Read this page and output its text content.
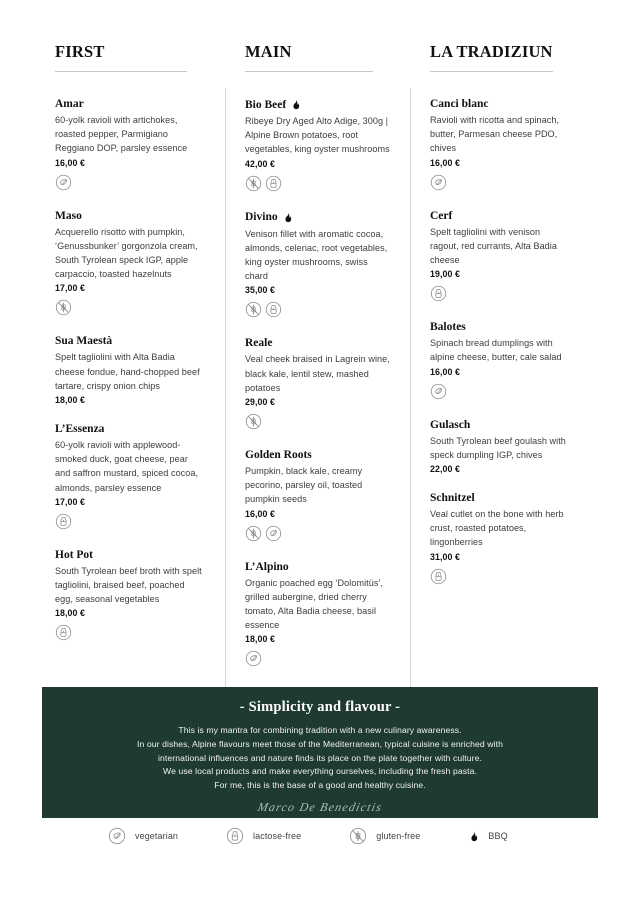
FIRST
Amar
60-yolk ravioli with artichokes, roasted pepper, Parmigiano Reggiano DOP, parsley essence
16,00 €
Maso
Acquerello risotto with pumpkin, ‘Genussbunker’ gorgonzola cream, South Tyrolean speck IGP, apple carpaccio, toasted hazelnuts
17,00 €
Sua Maestà
Spelt tagliolini with Alta Badia cheese fondue, hand-chopped beef tartare, crispy onion chips
18,00 €
L’Essenza
60-yolk ravioli with applewood-smoked duck, goat cheese, pear and saffron mustard, spiced cocoa, almonds, parsley essence
17,00 €
Hot Pot
South Tyrolean beef broth with spelt tagliolini, braised beef, poached egg, seasonal vegetables
18,00 €
MAIN
Bio Beef
Ribeye Dry Aged Alto Adige, 300g | Alpine Brown potatoes, root vegetables, king oyster mushrooms
42,00 €
Divino
Venison fillet with aromatic cocoa, almonds, celeriac, root vegetables, king oyster mushrooms, swiss chard
35,00 €
Reale
Veal cheek braised in Lagrein wine, black kale, lentil stew, mashed potatoes
29,00 €
Golden Roots
Pumpkin, black kale, creamy pecorino, parsley oil, toasted pumpkin seeds
16,00 €
L’Alpino
Organic poached egg ‘Dolomitüs’, grilled aubergine, dried cherry tomato, Alta Badia cheese, basil essence
18,00 €
LA TRADIZIUN
Canci blanc
Ravioli with ricotta and spinach, butter, Parmesan cheese PDO, chives
16,00 €
Cerf
Spelt tagliolini with venison ragout, red currants, Alta Badia cheese
19,00 €
Balotes
Spinach bread dumplings with alpine cheese, butter, cale salad
16,00 €
Gulasch
South Tyrolean beef goulash with speck dumpling IGP, chives
22,00 €
Schnitzel
Veal cutlet on the bone with herb crust, roasted potatoes, lingonberries
31,00 €
- Simplicity and flavour -
This is my mantra for combining tradition with a new culinary awareness.
In our dishes, Alpine flavours meet those of the Mediterranean, typical cuisine is enriched with
international influences and nature finds its place on the plate together with culture.
We use local products and make everything ourselves, including the fresh pasta.
For me, this is the base of a good and healthy cuisine.
Marco De Benedictis
vegetarian	lactose-free	gluten-free	BBQ
